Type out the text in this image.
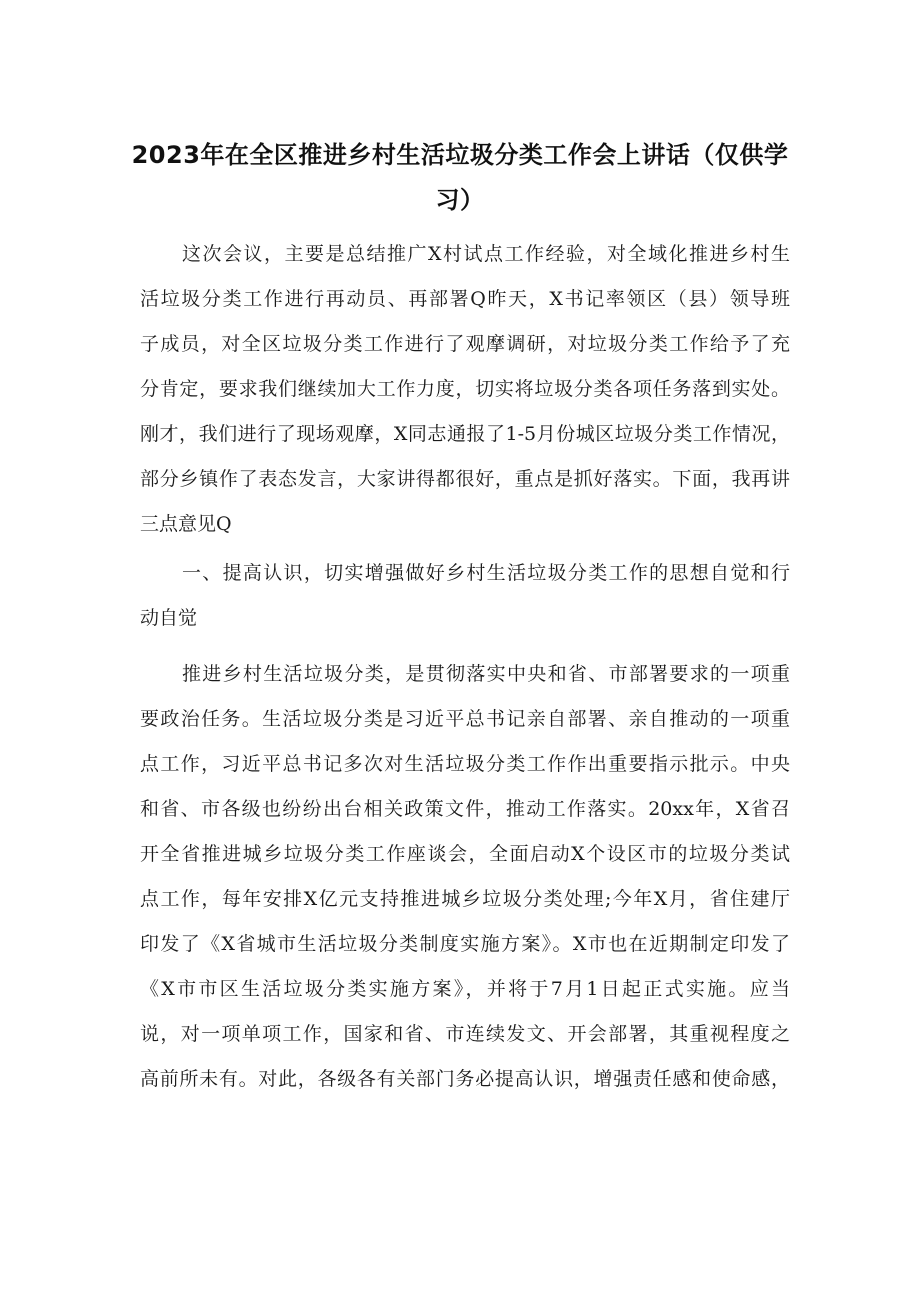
2023年在全区推进乡村生活垃圾分类工作会上讲话（仅供学
习）
这次会议，主要是总结推广X村试点工作经验，对全域化推进乡村生
活垃圾分类工作进行再动员、再部署Q昨天，X书记率领区（县）领导班
子成员，对全区垃圾分类工作进行了观摩调研，对垃圾分类工作给予了充
分肯定，要求我们继续加大工作力度，切实将垃圾分类各项任务落到实处。
刚才，我们进行了现场观摩，X同志通报了1-5月份城区垃圾分类工作情况，
部分乡镇作了表态发言，大家讲得都很好，重点是抓好落实。下面，我再讲
三点意见Q
一、提高认识，切实增强做好乡村生活垃圾分类工作的思想自觉和行
动自觉
推进乡村生活垃圾分类，是贯彻落实中央和省、市部署要求的一项重
要政治任务。生活垃圾分类是习近平总书记亲自部署、亲自推动的一项重
点工作，习近平总书记多次对生活垃圾分类工作作出重要指示批示。中央
和省、市各级也纷纷出台相关政策文件，推动工作落实。20xx年，X省召
开全省推进城乡垃圾分类工作座谈会，全面启动X个设区市的垃圾分类试
点工作，每年安排X亿元支持推进城乡垃圾分类处理;今年X月，省住建厅
印发了《X省城市生活垃圾分类制度实施方案》。X市也在近期制定印发了
《X市市区生活垃圾分类实施方案》，并将于7月1日起正式实施。应当
说，对一项单项工作，国家和省、市连续发文、开会部署，其重视程度之
高前所未有。对此，各级各有关部门务必提高认识，增强责任感和使命感，
